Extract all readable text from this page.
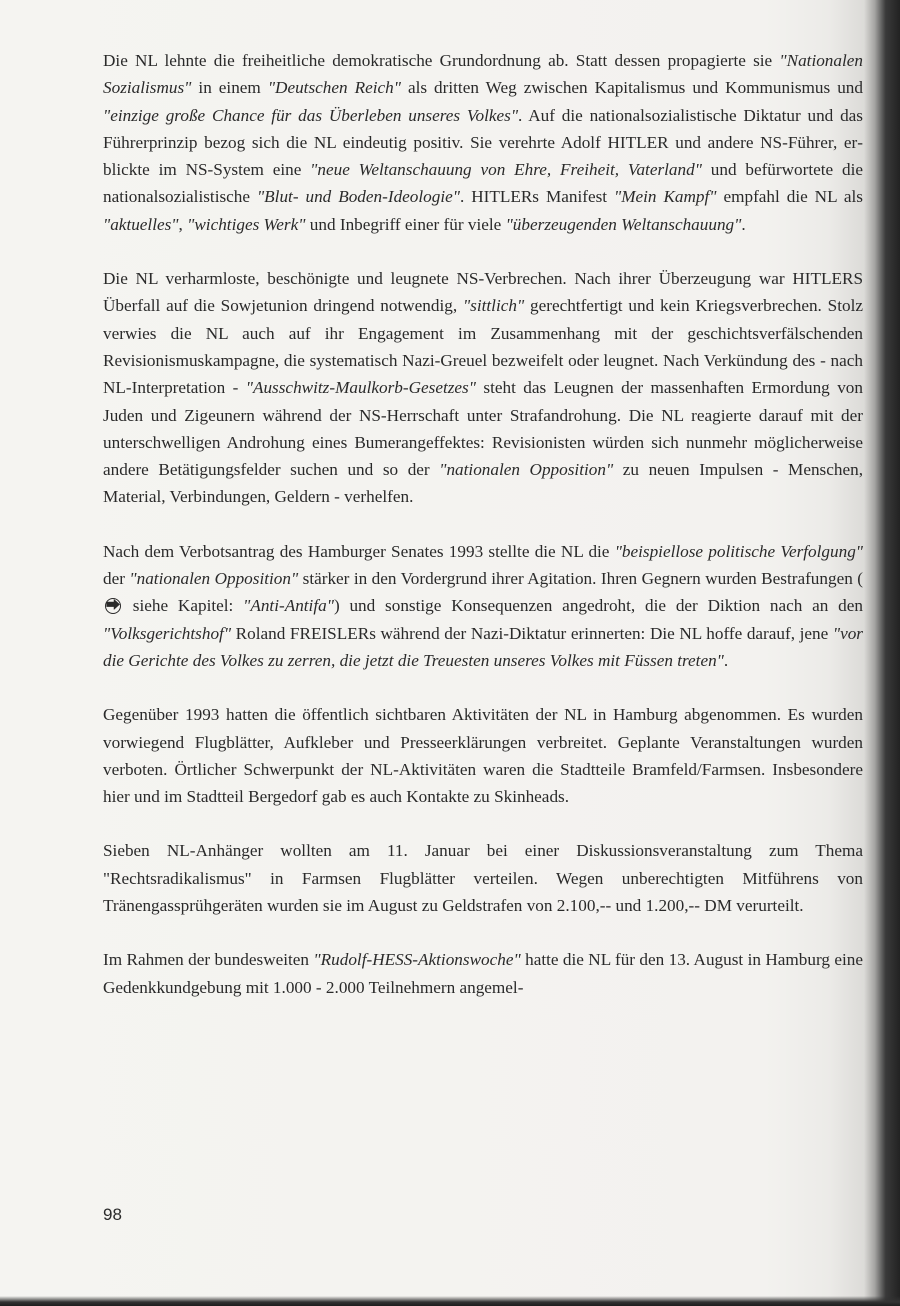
Die NL lehnte die freiheitliche demokratische Grundordnung ab. Statt dessen propagierte sie "Nationalen Sozialismus" in einem "Deutschen Reich" als dritten Weg zwischen Kapitalismus und Kommunismus und "einzige große Chance für das Überleben unseres Volkes". Auf die nationalsozialistische Diktatur und das Führerprinzip bezog sich die NL eindeutig positiv. Sie verehrte Adolf HITLER und andere NS-Führer, erblickte im NS-System eine "neue Weltanschauung von Ehre, Freiheit, Vaterland" und befürwortete die nationalsozialistische "Blut- und Boden-Ideologie". HITLERs Manifest "Mein Kampf" empfahl die NL als "aktuelles", "wichtiges Werk" und Inbegriff einer für viele "überzeugenden Weltanschauung".

Die NL verharmloste, beschönigte und leugnete NS-Verbrechen. Nach ihrer Überzeugung war HITLERS Überfall auf die Sowjetunion dringend notwendig, "sittlich" gerechtfertigt und kein Kriegsverbrechen. Stolz verwies die NL auch auf ihr Engagement im Zusammenhang mit der geschichtsverfälschenden Revisionismuskampagne, die systematisch Nazi-Greuel bezweifelt oder leugnet. Nach Verkündung des - nach NL-Interpretation - "Ausschwitz-Maulkorb-Gesetzes" steht das Leugnen der massenhaften Ermordung von Juden und Zigeunern während der NS-Herrschaft unter Strafandrohung. Die NL reagierte darauf mit der unterschwelligen Androhung eines Bumerangeffektes: Revisionisten würden sich nunmehr möglicherweise andere Betätigungsfelder suchen und so der "nationalen Opposition" zu neuen Impulsen - Menschen, Material, Verbindungen, Geldern - verhelfen.

Nach dem Verbotsantrag des Hamburger Senates 1993 stellte die NL die "beispiellose politische Verfolgung" der "nationalen Opposition" stärker in den Vordergrund ihrer Agitation. Ihren Gegnern wurden Bestrafungen (⮕ siehe Kapitel: "Anti-Antifa") und sonstige Konsequenzen angedroht, die der Diktion nach an den "Volksgerichtshof" Roland FREISLERs während der Nazi-Diktatur erinnerten: Die NL hoffe darauf, jene "vor die Gerichte des Volkes zu zerren, die jetzt die Treuesten unseres Volkes mit Füssen treten".

Gegenüber 1993 hatten die öffentlich sichtbaren Aktivitäten der NL in Hamburg abgenommen. Es wurden vorwiegend Flugblätter, Aufkleber und Presseerklärungen verbreitet. Geplante Veranstaltungen wurden verboten. Örtlicher Schwerpunkt der NL-Aktivitäten waren die Stadtteile Bramfeld/Farmsen. Insbesondere hier und im Stadtteil Bergedorf gab es auch Kontakte zu Skinheads.

Sieben NL-Anhänger wollten am 11. Januar bei einer Diskussionsveranstaltung zum Thema "Rechtsradikalismus" in Farmsen Flugblätter verteilen. Wegen unberechtigten Mitführens von Tränengassprühgeräten wurden sie im August zu Geldstrafen von 2.100,-- und 1.200,-- DM verurteilt.

Im Rahmen der bundesweiten "Rudolf-HESS-Aktionswoche" hatte die NL für den 13. August in Hamburg eine Gedenkkundgebung mit 1.000 - 2.000 Teilnehmern angemel-

98
